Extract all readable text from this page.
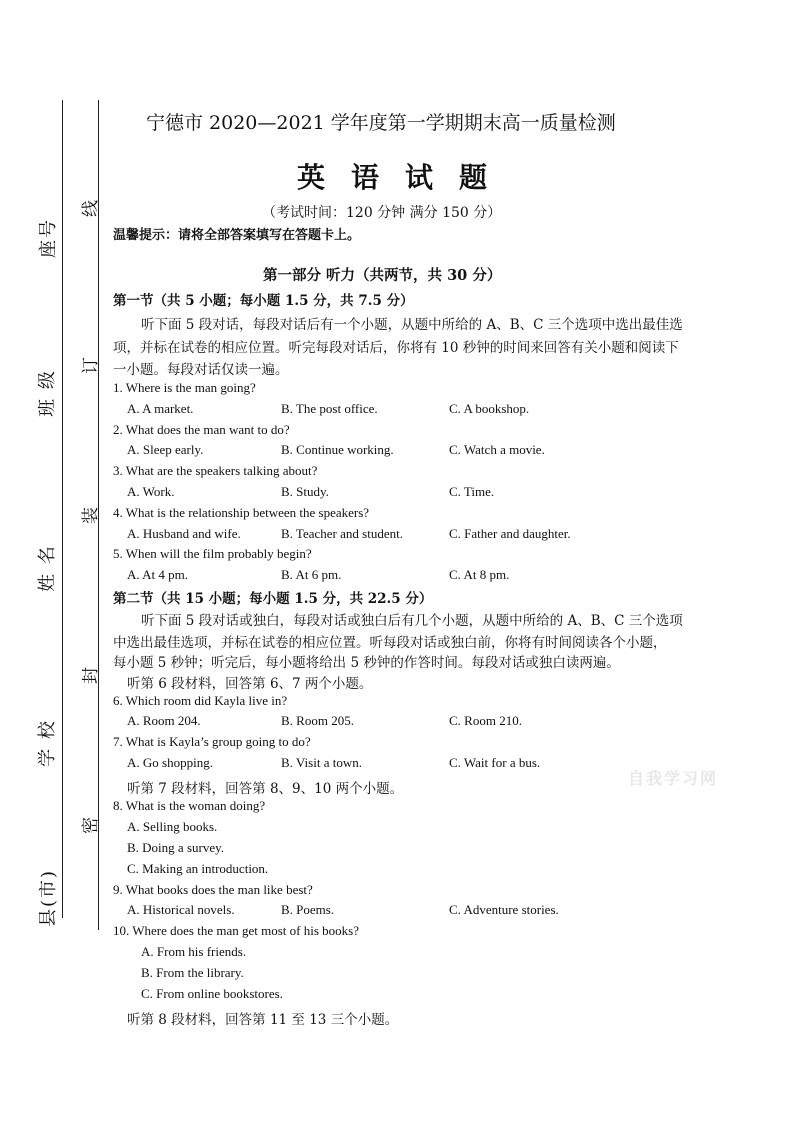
座号
班 级
姓 名
学 校
县(市)
线
订
装
封
密
宁德市 2020—2021 学年度第一学期期末高一质量检测
英语试题
（考试时间：120 分钟 满分 150 分）
温馨提示：请将全部答案填写在答题卡上。
第一部分 听力（共两节，共 30 分）
第一节（共 5 小题；每小题 1.5 分，共 7.5 分）
听下面 5 段对话，每段对话后有一个小题，从题中所给的 A、B、C 三个选项中选出最佳选
项，并标在试卷的相应位置。听完每段对话后，你将有 10 秒钟的时间来回答有关小题和阅读下
一小题。每段对话仅读一遍。
1. Where is the man going?
A. A market.	B. The post office.	C. A bookshop.
2. What does the man want to do?
A. Sleep early.	B. Continue working.	C. Watch a movie.
3. What are the speakers talking about?
A. Work.	B. Study.	C. Time.
4. What is the relationship between the speakers?
A. Husband and wife.	B. Teacher and student.	C. Father and daughter.
5. When will the film probably begin?
A. At 4 pm.	B. At 6 pm.	C. At 8 pm.
第二节（共 15 小题；每小题 1.5 分，共 22.5 分）
听下面 5 段对话或独白，每段对话或独白后有几个小题，从题中所给的 A、B、C 三个选项
中选出最佳选项，并标在试卷的相应位置。听每段对话或独白前，你将有时间阅读各个小题，
每小题 5 秒钟；听完后，每小题将给出 5 秒钟的作答时间。每段对话或独白读两遍。
听第 6 段材料，回答第 6、7 两个小题。
6. Which room did Kayla live in?
A. Room 204.	B. Room 205.	C. Room 210.
7. What is Kayla’s group going to do?
A. Go shopping.	B. Visit a town.	C. Wait for a bus.
自我学习网
听第 7 段材料，回答第 8、9、10 两个小题。
8. What is the woman doing?
A. Selling books.
B. Doing a survey.
C. Making an introduction.
9. What books does the man like best?
A. Historical novels.	B. Poems.	C. Adventure stories.
10. Where does the man get most of his books?
A. From his friends.
B. From the library.
C. From online bookstores.
听第 8 段材料，回答第 11 至 13 三个小题。
